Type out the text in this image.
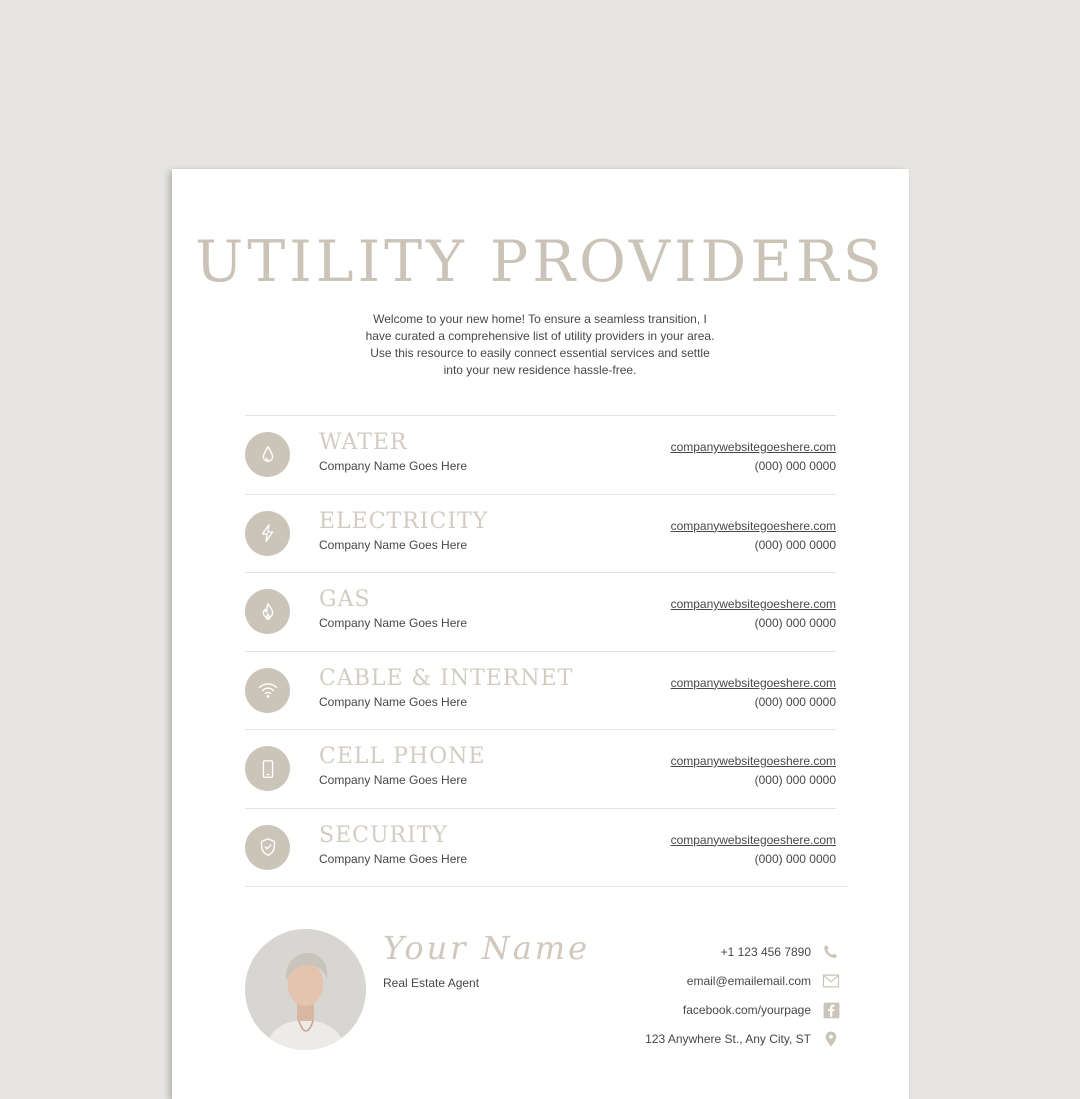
UTILITY PROVIDERS

Welcome to your new home! To ensure a seamless transition, I have curated a comprehensive list of utility providers in your area. Use this resource to easily connect essential services and settle into your new residence hassle-free.

WATER
Company Name Goes Here
companywebsitegoeshere.com
(000) 000 0000
ELECTRICITY
Company Name Goes Here
companywebsitegoeshere.com
(000) 000 0000
GAS
Company Name Goes Here
companywebsitegoeshere.com
(000) 000 0000
CABLE & INTERNET
Company Name Goes Here
companywebsitegoeshere.com
(000) 000 0000
CELL PHONE
Company Name Goes Here
companywebsitegoeshere.com
(000) 000 0000
SECURITY
Company Name Goes Here
companywebsitegoeshere.com
(000) 000 0000
Your Name
Real Estate Agent
+1 123 456 7890
email@emailemail.com
facebook.com/yourpage
123 Anywhere St., Any City, ST
